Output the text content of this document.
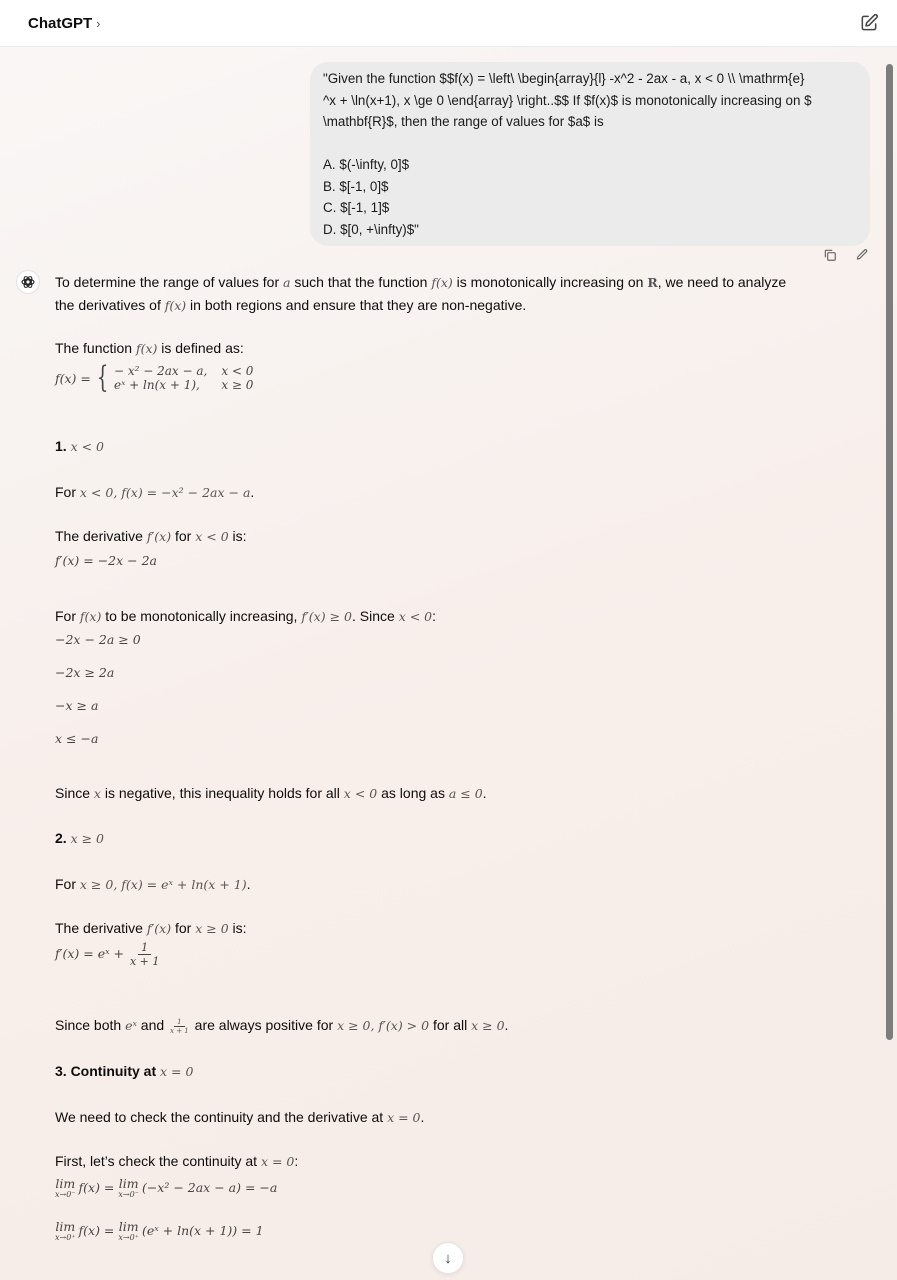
ChatGPT ›

"Given the function $$f(x) = \left\ \begin{array}{l} -x^2 - 2ax - a, x < 0 \\ \mathrm{e}
^x + \ln(x+1), x \ge 0 \end{array} \right..$$ If $f(x)$ is monotonically increasing on $
\mathbf{R}$, then the range of values for $a$ is

A. $(-\infty, 0]$
B. $[-1, 0]$
C. $[-1, 1]$
D. $[0, +\infty)$"

To determine the range of values for a such that the function f(x) is monotonically increasing on R, we need to analyze
the derivatives of f(x) in both regions and ensure that they are non-negative.
The function f(x) is defined as:
f(x) = { − x² − 2ax − a, x < 0
eˣ + ln(x + 1),	x ≥ 0
1. x < 0
For x < 0, f(x) = −x² − 2ax − a.
The derivative f′(x) for x < 0 is:
f′(x) = −2x − 2a
For f(x) to be monotonically increasing, f′(x) ≥ 0. Since x < 0:
−2x − 2a ≥ 0
−2x ≥ 2a
−x ≥ a
x ≤ −a
Since x is negative, this inequality holds for all x < 0 as long as a ≤ 0.
2. x ≥ 0
For x ≥ 0, f(x) = eˣ + ln(x + 1).
The derivative f′(x) for x ≥ 0 is:
f′(x) = eˣ + $\frac{1}{x + 1}$
Since both eˣ and $\frac{1}{x + 1}$ are always positive for x ≥ 0, f′(x) > 0 for all x ≥ 0.
3. Continuity at x = 0
We need to check the continuity and the derivative at x = 0.
First, let’s check the continuity at x = 0:
lim
x→0⁻ f(x) = lim
x→0⁻ (−x² − 2ax − a) = −a
lim
x→0⁺ f(x) = lim
x→0⁺ (eˣ + ln(x + 1)) = 1
↓
